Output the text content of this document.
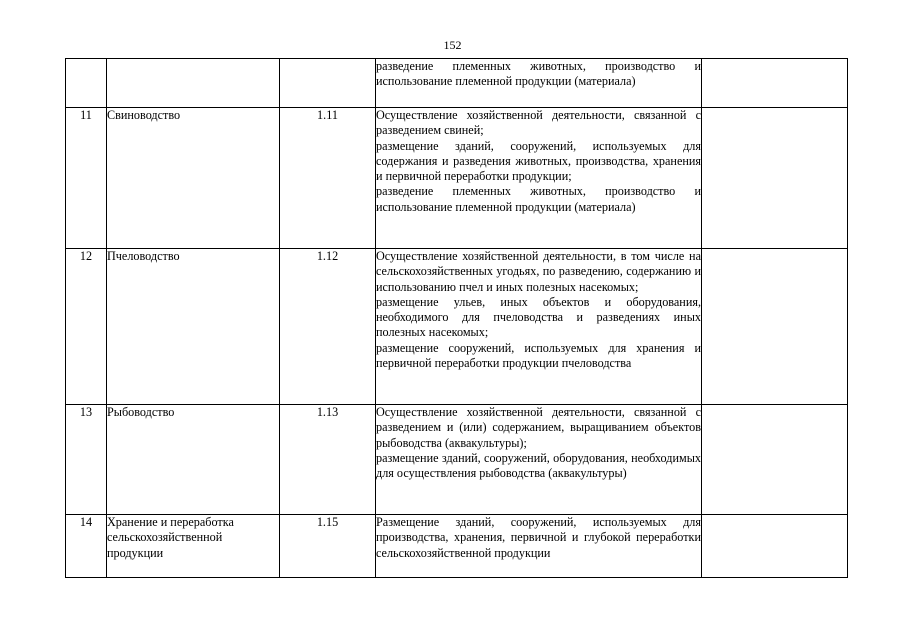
152

			разведение племенных животных, производство и использование племенной продукции (материала)	

11	Свиноводство	1.11	Осуществление хозяйственной деятельности, связанной с разведением свиней;
размещение зданий, сооружений, используемых для содержания и разведения животных, производства, хранения и первичной переработки продукции;
разведение племенных животных, производство и использование племенной продукции (материала)	

12	Пчеловодство	1.12	Осуществление хозяйственной деятельности, в том числе на сельскохозяйственных угодьях, по разведению, содержанию и использованию пчел и иных полезных насекомых;
размещение ульев, иных объектов и оборудования, необходимого для пчеловодства и разведениях иных полезных насекомых;
размещение сооружений, используемых для хранения и первичной переработки продукции пчеловодства	

13	Рыбоводство	1.13	Осуществление хозяйственной деятельности, связанной с разведением и (или) содержанием, выращиванием объектов рыбоводства (аквакультуры);
размещение зданий, сооружений, оборудования, необходимых для осуществления рыбоводства (аквакультуры)	

14	Хранение и переработка сельскохозяйственной продукции	1.15	Размещение зданий, сооружений, используемых для производства, хранения, первичной и глубокой переработки сельскохозяйственной продукции	
